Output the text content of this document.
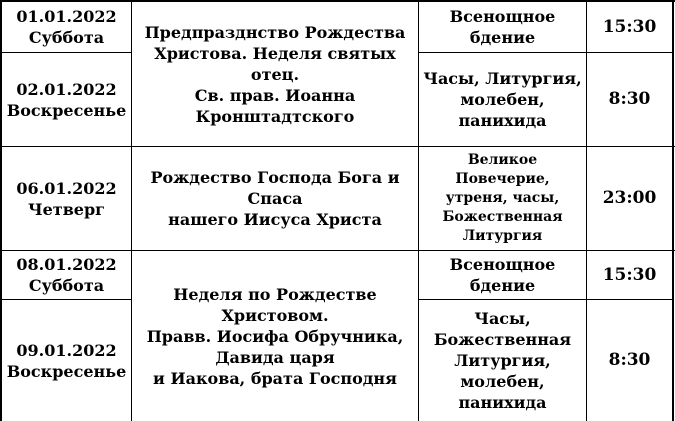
01.01.2022
Суббота
Всенощное
бдение
15:30
Предпразднство Рождества
Христова. Неделя святых
отец.
Св. прав. Иоанна
Кронштадтского
02.01.2022
Воскресенье
Часы, Литургия,
молебен,
панихида
8:30
06.01.2022
Четверг
Рождество Господа Бога и
Спаса
нашего Иисуса Христа
Великое Повечерие,
утреня, часы,
Божественная
Литургия
23:00
08.01.2022
Суббота
Всенощное
бдение
15:30
Неделя по Рождестве
Христовом.
Правв. Иосифа Обручника,
Давида царя
и Иакова, брата Господня
09.01.2022
Воскресенье
Часы,
Божественная
Литургия,
молебен,
панихида
8:30
